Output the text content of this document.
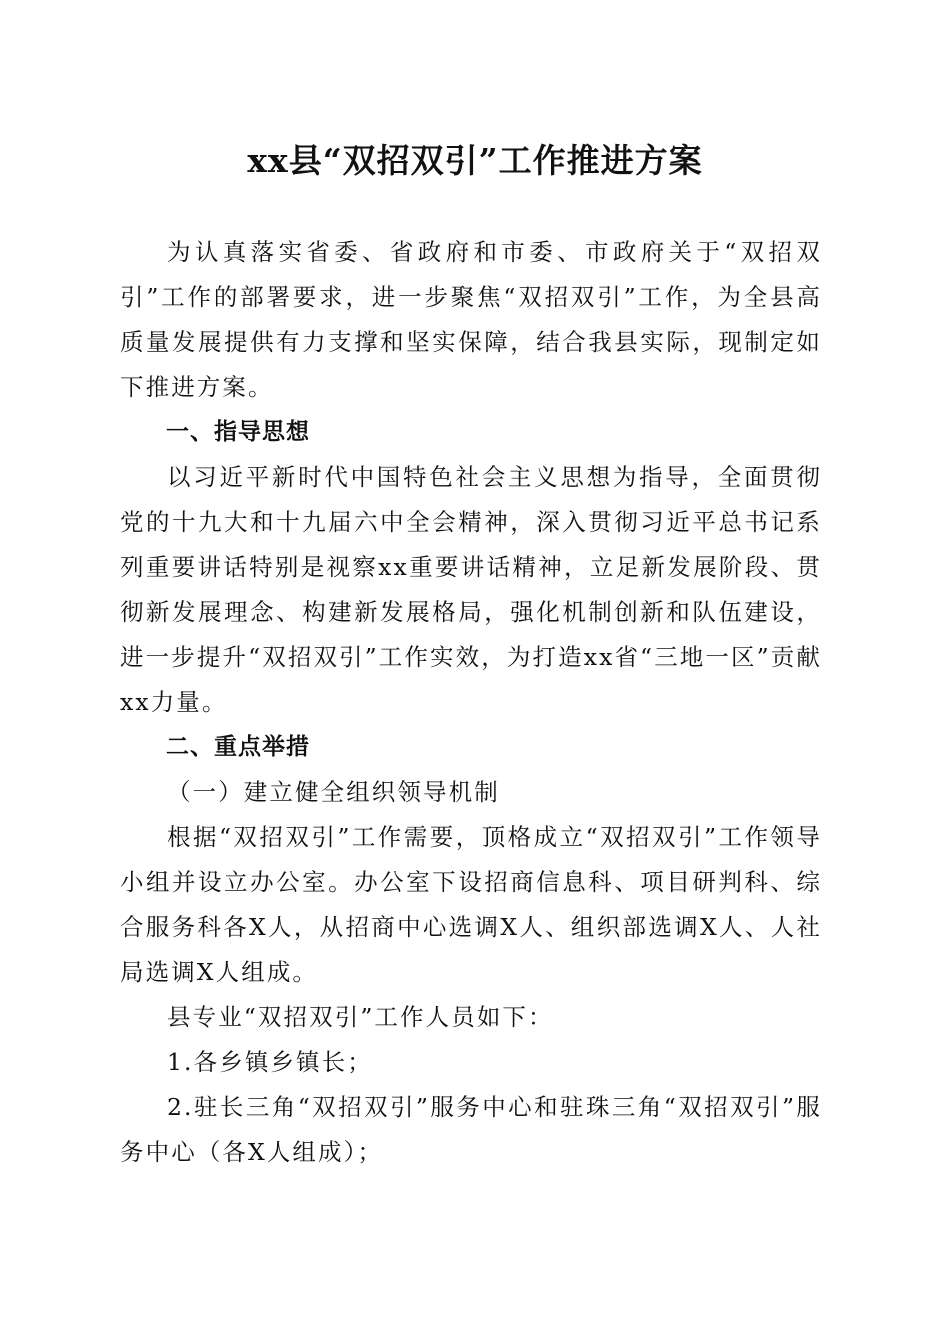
xx县“双招双引”工作推进方案

为认真落实省委、省政府和市委、市政府关于“双招双引”工作的部署要求，进一步聚焦“双招双引”工作，为全县高质量发展提供有力支撑和坚实保障，结合我县实际，现制定如下推进方案。

一、指导思想

以习近平新时代中国特色社会主义思想为指导，全面贯彻党的十九大和十九届六中全会精神，深入贯彻习近平总书记系列重要讲话特别是视察xx重要讲话精神，立足新发展阶段、贯彻新发展理念、构建新发展格局，强化机制创新和队伍建设，进一步提升“双招双引”工作实效，为打造xx省“三地一区”贡献xx力量。

二、重点举措

（一）建立健全组织领导机制

根据“双招双引”工作需要，顶格成立“双招双引”工作领导小组并设立办公室。办公室下设招商信息科、项目研判科、综合服务科各X人，从招商中心选调X人、组织部选调X人、人社局选调X人组成。

县专业“双招双引”工作人员如下：

1.各乡镇乡镇长；

2.驻长三角“双招双引”服务中心和驻珠三角“双招双引”服务中心（各X人组成）；
